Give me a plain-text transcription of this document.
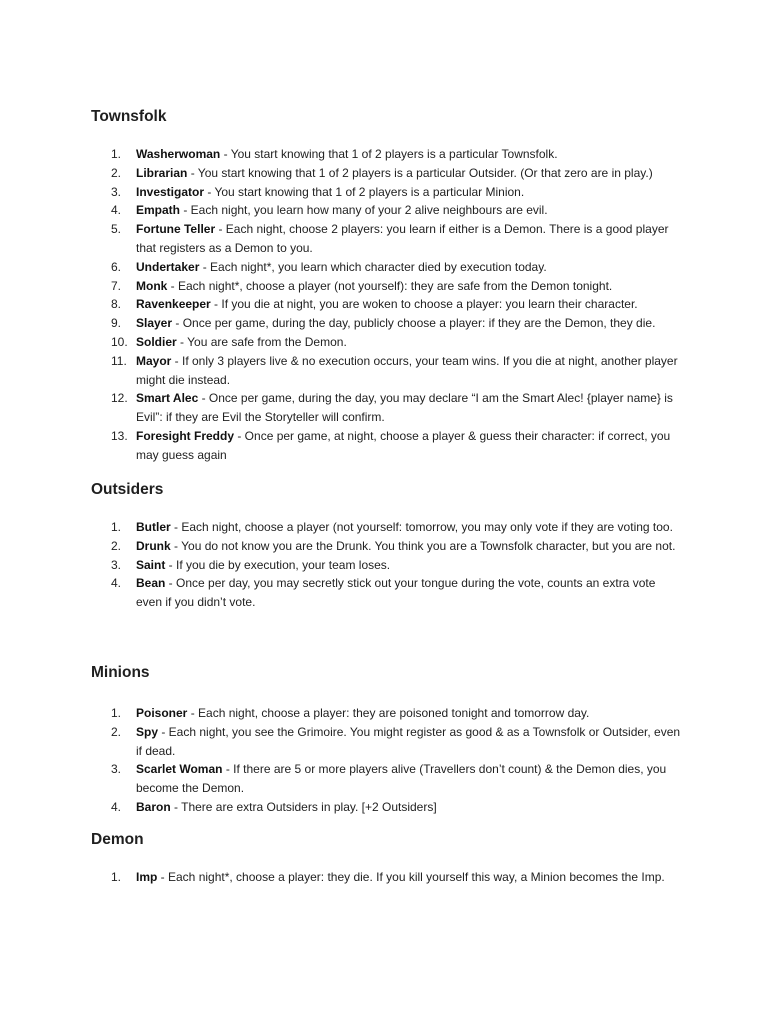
Townsfolk
1. Washerwoman - You start knowing that 1 of 2 players is a particular Townsfolk.
2. Librarian - You start knowing that 1 of 2 players is a particular Outsider. (Or that zero are in play.)
3. Investigator - You start knowing that 1 of 2 players is a particular Minion.
4. Empath - Each night, you learn how many of your 2 alive neighbours are evil.
5. Fortune Teller - Each night, choose 2 players: you learn if either is a Demon. There is a good player that registers as a Demon to you.
6. Undertaker - Each night*, you learn which character died by execution today.
7. Monk - Each night*, choose a player (not yourself): they are safe from the Demon tonight.
8. Ravenkeeper - If you die at night, you are woken to choose a player: you learn their character.
9. Slayer - Once per game, during the day, publicly choose a player: if they are the Demon, they die.
10. Soldier - You are safe from the Demon.
11. Mayor - If only 3 players live & no execution occurs, your team wins. If you die at night, another player might die instead.
12. Smart Alec - Once per game, during the day, you may declare “I am the Smart Alec! {player name} is Evil”: if they are Evil the Storyteller will confirm.
13. Foresight Freddy - Once per game, at night, choose a player & guess their character: if correct, you may guess again
Outsiders
1. Butler - Each night, choose a player (not yourself: tomorrow, you may only vote if they are voting too.
2. Drunk - You do not know you are the Drunk. You think you are a Townsfolk character, but you are not.
3. Saint - If you die by execution, your team loses.
4. Bean - Once per day, you may secretly stick out your tongue during the vote, counts an extra vote even if you didn’t vote.
Minions
1. Poisoner - Each night, choose a player: they are poisoned tonight and tomorrow day.
2. Spy - Each night, you see the Grimoire. You might register as good & as a Townsfolk or Outsider, even if dead.
3. Scarlet Woman - If there are 5 or more players alive (Travellers don’t count) & the Demon dies, you become the Demon.
4. Baron - There are extra Outsiders in play. [+2 Outsiders]
Demon
1. Imp - Each night*, choose a player: they die. If you kill yourself this way, a Minion becomes the Imp.
